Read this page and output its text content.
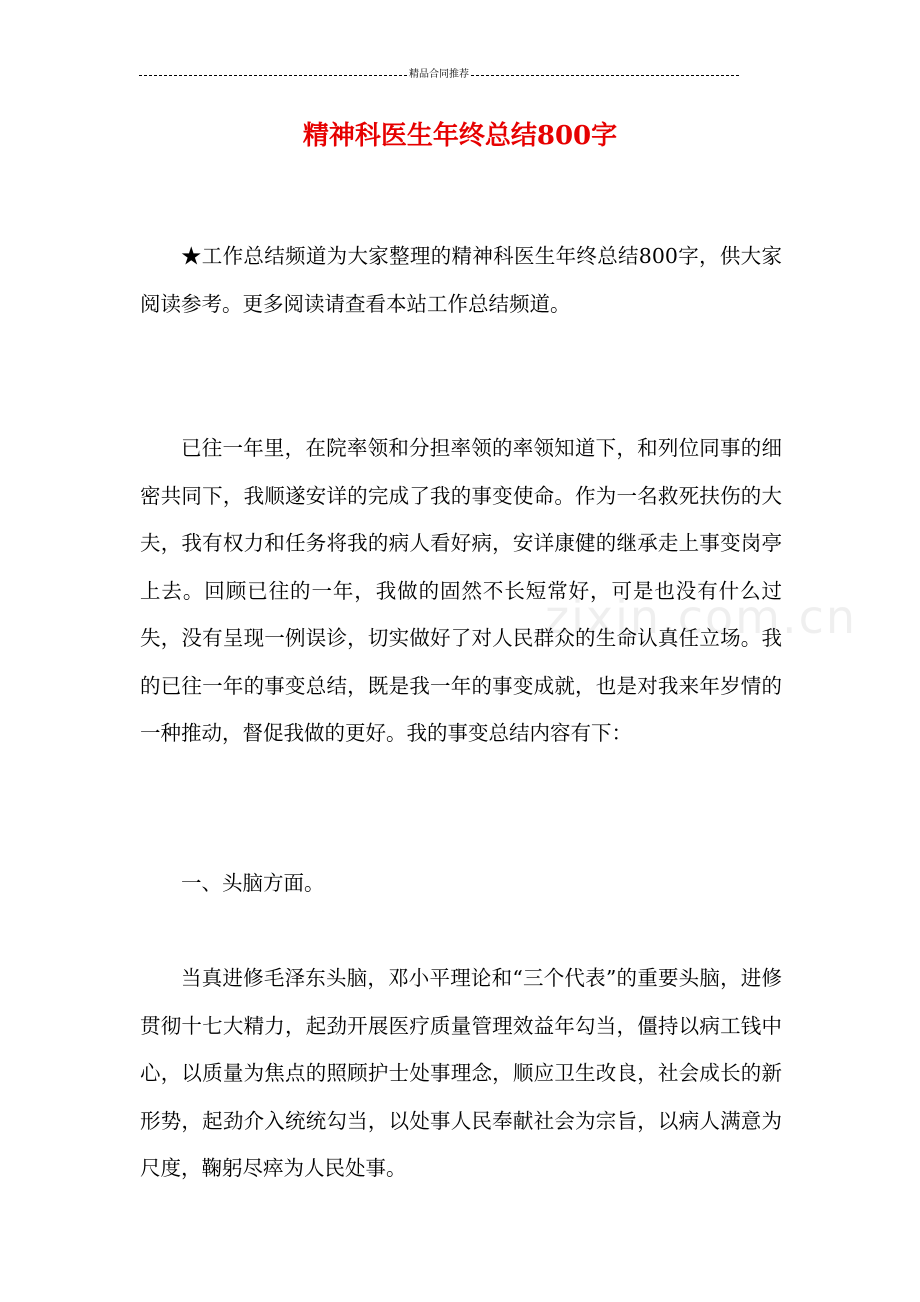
精品合同推荐
精神科医生年终总结800字

★工作总结频道为大家整理的精神科医生年终总结800字，供大家阅读参考。更多阅读请查看本站工作总结频道。

已往一年里，在院率领和分担率领的率领知道下，和列位同事的细密共同下，我顺遂安详的完成了我的事变使命。作为一名救死扶伤的大夫，我有权力和任务将我的病人看好病，安详康健的继承走上事变岗亭上去。回顾已往的一年，我做的固然不长短常好，可是也没有什么过失，没有呈现一例误诊，切实做好了对人民群众的生命认真任立场。我的已往一年的事变总结，既是我一年的事变成就，也是对我来年岁情的一种推动，督促我做的更好。我的事变总结内容有下：

一、头脑方面。

当真进修毛泽东头脑，邓小平理论和“三个代表”的重要头脑，进修贯彻十七大精力，起劲开展医疗质量管理效益年勾当，僵持以病工钱中心，以质量为焦点的照顾护士处事理念，顺应卫生改良，社会成长的新形势，起劲介入统统勾当，以处事人民奉献社会为宗旨，以病人满意为尺度，鞠躬尽瘁为人民处事。

zixin.com.cn
